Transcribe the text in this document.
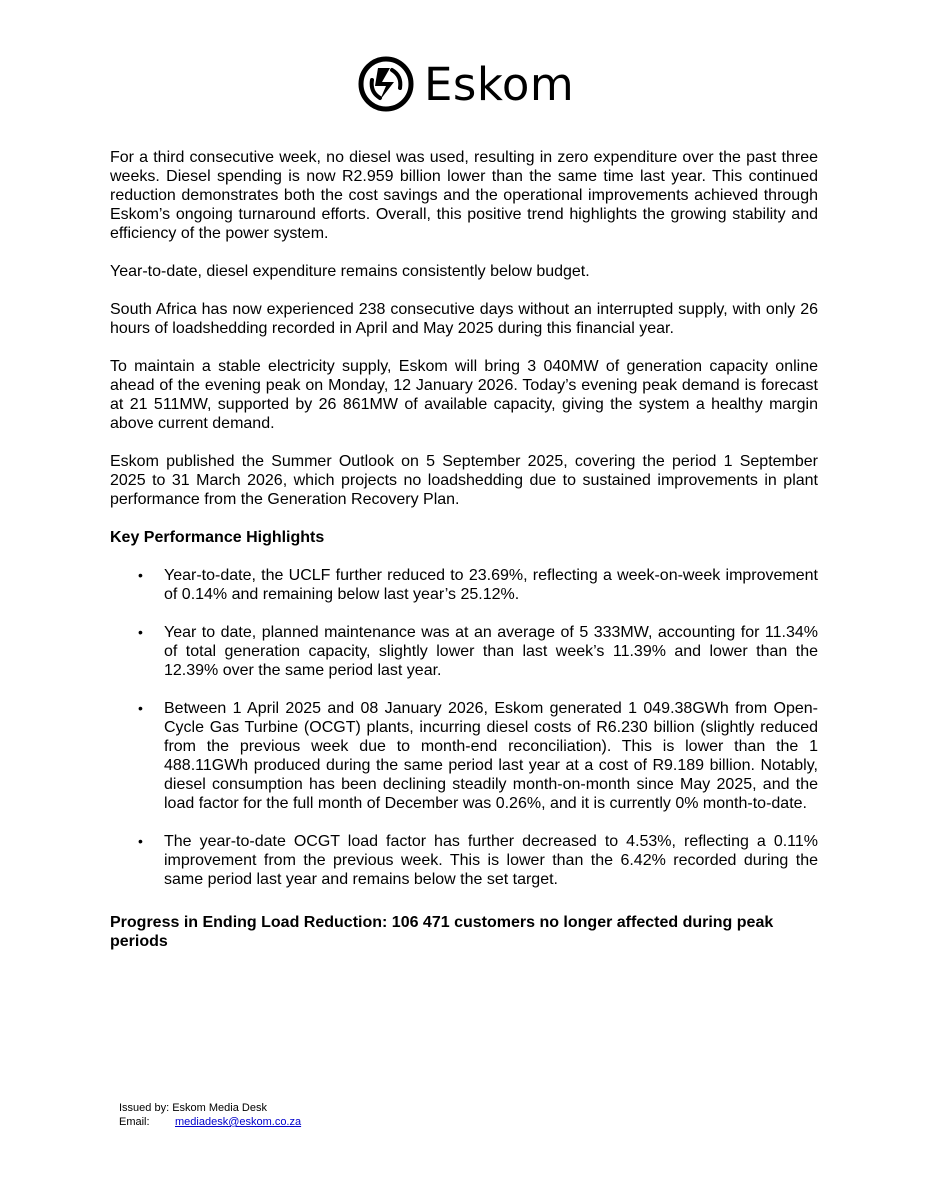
Eskom

For a third consecutive week, no diesel was used, resulting in zero expenditure over the past three weeks. Diesel spending is now R2.959 billion lower than the same time last year. This continued reduction demonstrates both the cost savings and the operational improvements achieved through Eskom’s ongoing turnaround efforts. Overall, this positive trend highlights the growing stability and efficiency of the power system.

Year-to-date, diesel expenditure remains consistently below budget.

South Africa has now experienced 238 consecutive days without an interrupted supply, with only 26 hours of loadshedding recorded in April and May 2025 during this financial year.

To maintain a stable electricity supply, Eskom will bring 3 040MW of generation capacity online ahead of the evening peak on Monday, 12 January 2026. Today’s evening peak demand is forecast at 21 511MW, supported by 26 861MW of available capacity, giving the system a healthy margin above current demand.

Eskom published the Summer Outlook on 5 September 2025, covering the period 1 September 2025 to 31 March 2026, which projects no loadshedding due to sustained improvements in plant performance from the Generation Recovery Plan.

Key Performance Highlights
• Year-to-date, the UCLF further reduced to 23.69%, reflecting a week-on-week improvement of 0.14% and remaining below last year’s 25.12%.
• Year to date, planned maintenance was at an average of 5 333MW, accounting for 11.34% of total generation capacity, slightly lower than last week’s 11.39% and lower than the 12.39% over the same period last year.
• Between 1 April 2025 and 08 January 2026, Eskom generated 1 049.38GWh from Open-Cycle Gas Turbine (OCGT) plants, incurring diesel costs of R6.230 billion (slightly reduced from the previous week due to month-end reconciliation). This is lower than the 1 488.11GWh produced during the same period last year at a cost of R9.189 billion. Notably, diesel consumption has been declining steadily month-on-month since May 2025, and the load factor for the full month of December was 0.26%, and it is currently 0% month-to-date.
• The year-to-date OCGT load factor has further decreased to 4.53%, reflecting a 0.11% improvement from the previous week. This is lower than the 6.42% recorded during the same period last year and remains below the set target.
Progress in Ending Load Reduction: 106 471 customers no longer affected during peak periods
Issued by: Eskom Media Desk
Email:	mediadesk@eskom.co.za
